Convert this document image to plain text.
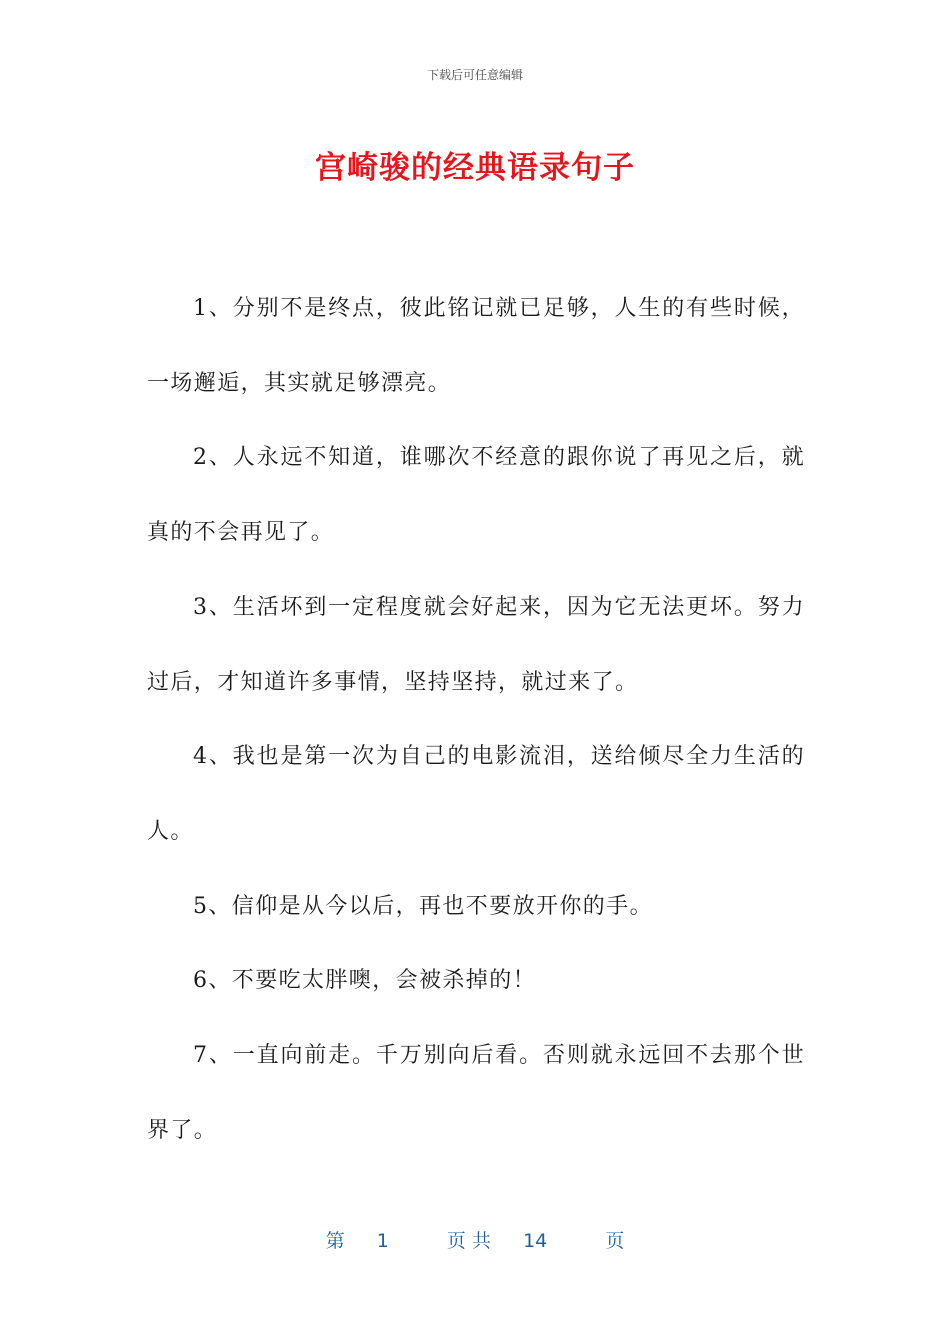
下载后可任意编辑
宫崎骏的经典语录句子

1、分别不是终点，彼此铭记就已足够，人生的有些时候，一场邂逅，其实就足够漂亮。

2、人永远不知道，谁哪次不经意的跟你说了再见之后，就真的不会再见了。

3、生活坏到一定程度就会好起来，因为它无法更坏。努力过后，才知道许多事情，坚持坚持，就过来了。

4、我也是第一次为自己的电影流泪，送给倾尽全力生活的人。

5、信仰是从今以后，再也不要放开你的手。

6、不要吃太胖噢，会被杀掉的！

7、一直向前走。千万别向后看。否则就永远回不去那个世界了。

第 1	页 共 14	页
